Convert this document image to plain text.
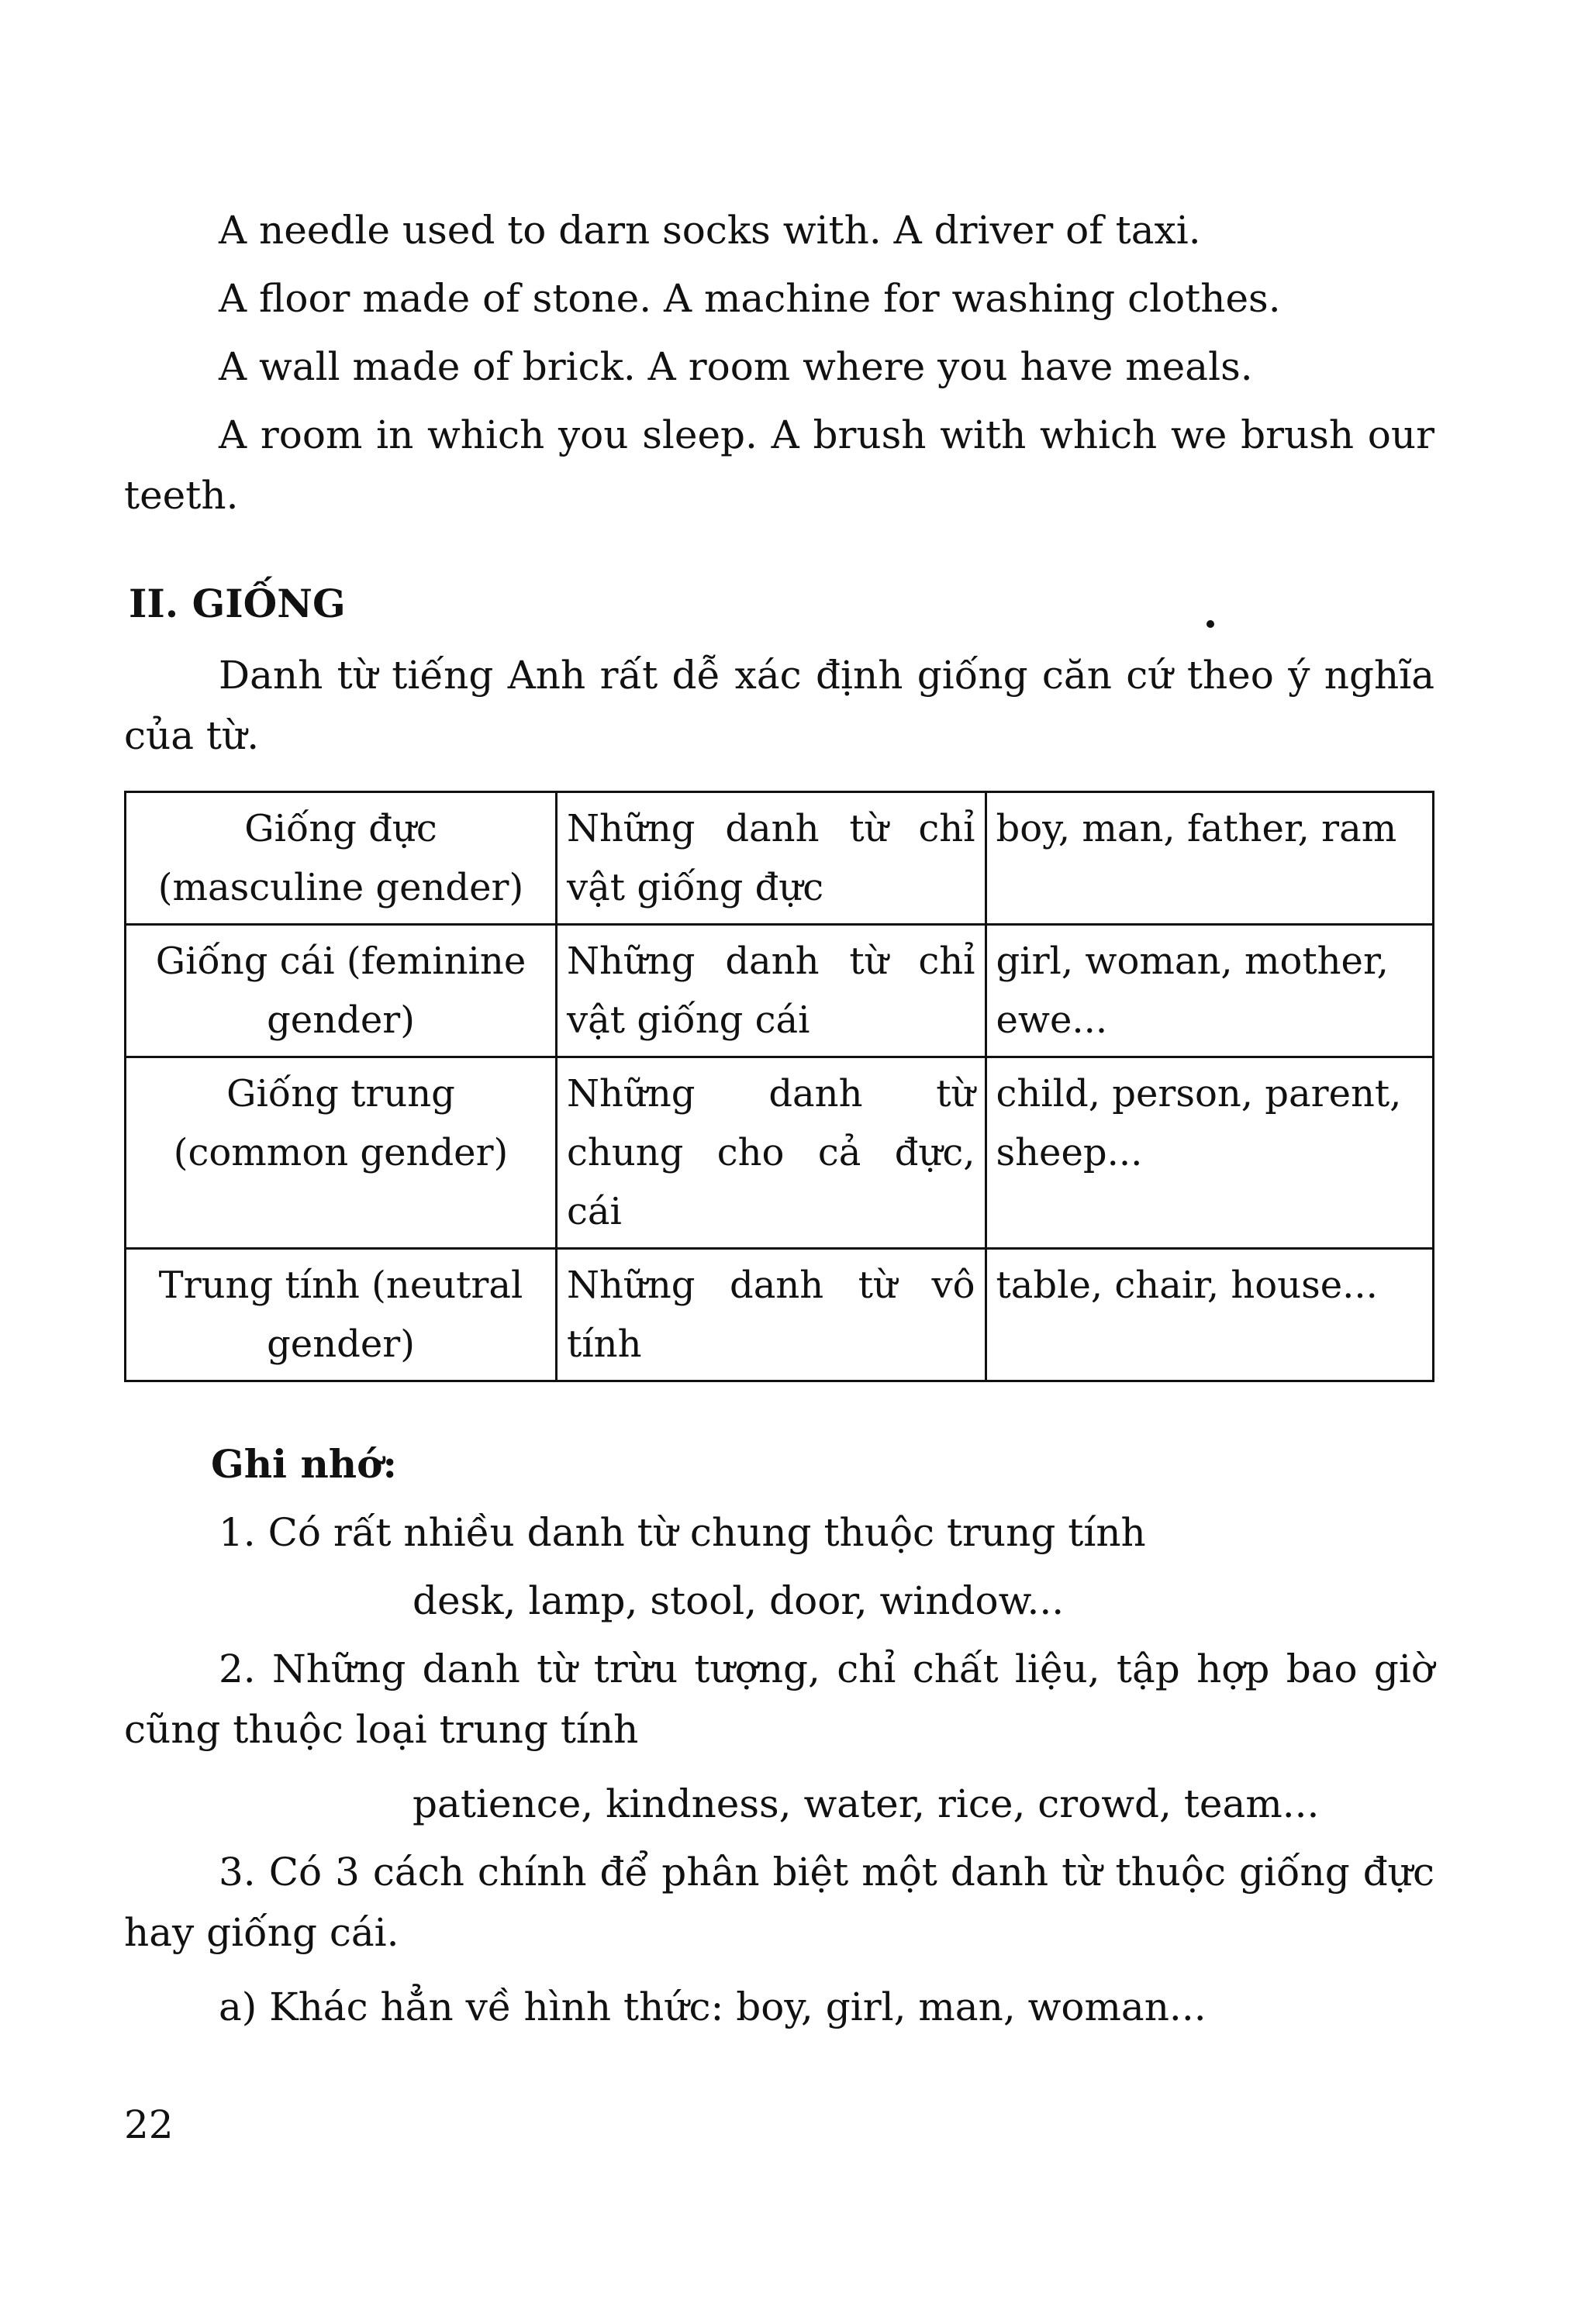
A needle used to darn socks with. A driver of taxi.

A floor made of stone. A machine for washing clothes.

A wall made of brick. A room where you have meals.

A room in which you sleep. A brush with which we brush our teeth.

II. GIỐNG

Danh từ tiếng Anh rất dễ xác định giống căn cứ theo ý nghĩa của từ.

Giống đực (masculine gender)	Những danh từ chỉ vật giống đực	boy, man, father, ram
Giống cái (feminine gender)	Những danh từ chỉ vật giống cái	girl, woman, mother, ewe...
Giống trung (common gender)	Những danh từ chung cho cả đực, cái	child, person, parent, sheep...
Trung tính (neutral gender)	Những danh từ vô tính	table, chair, house...

Ghi nhớ:

1. Có rất nhiều danh từ chung thuộc trung tính

desk, lamp, stool, door, window...

2. Những danh từ trừu tượng, chỉ chất liệu, tập hợp bao giờ cũng thuộc loại trung tính

patience, kindness, water, rice, crowd, team...

3. Có 3 cách chính để phân biệt một danh từ thuộc giống đực hay giống cái.

a) Khác hẳn về hình thức: boy, girl, man, woman...

22
